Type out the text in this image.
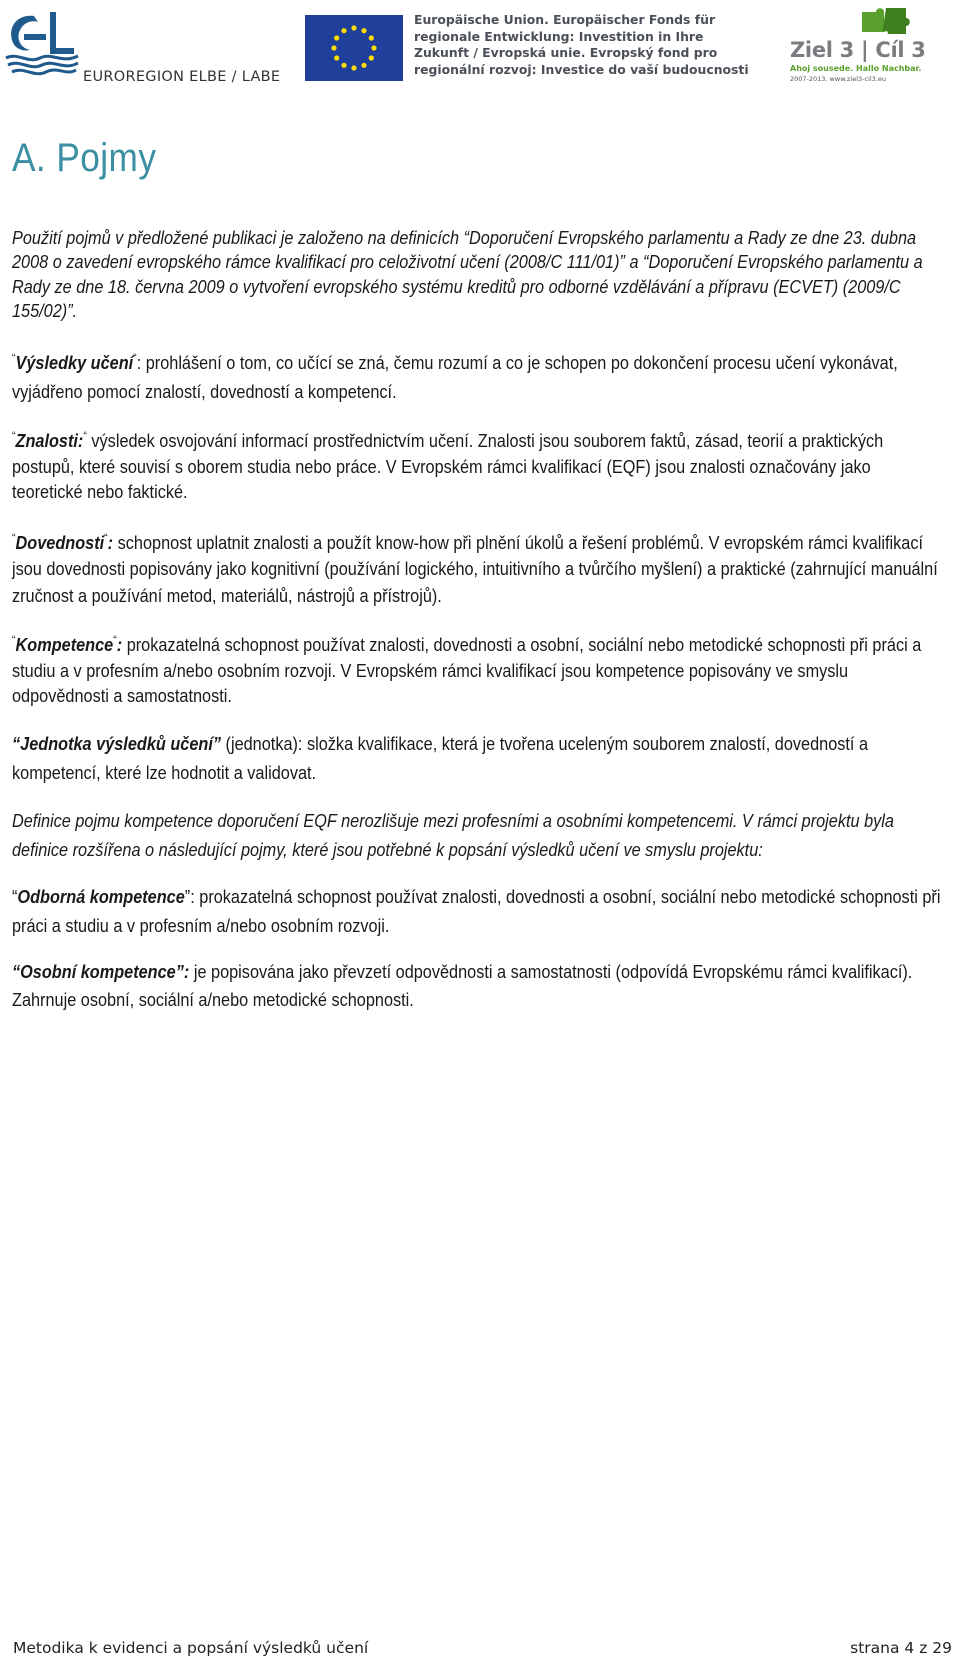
EUROREGION ELBE / LABE
Europäische Union. Europäischer Fonds für
regionale Entwicklung: Investition in Ihre
Zukunft / Evropská unie. Evropský fond pro
regionální rozvoj: Investice do vaší budoucnosti
Ziel 3 | Cíl 3
Ahoj sousede. Hallo Nachbar.
2007-2013. www.ziel3-cil3.eu
A. Pojmy

Použití pojmů v předložené publikaci je založeno na definicích “Doporučení Evropského parlamentu a Rady ze dne 23. dubna 2008 o zavedení evropského rámce kvalifikací pro celoživotní učení (2008/C 111/01)” a “Doporučení Evropského parlamentu a Rady ze dne 18. června 2009 o vytvoření evropského systému kreditů pro odborné vzdělávání a přípravu (ECVET) (2009/C 155/02)”.

“Výsledky učení“: prohlášení o tom, co učící se zná, čemu rozumí a co je schopen po dokončení procesu učení vykonávat, vyjádřeno pomocí znalostí, dovedností a kompetencí.

“Znalosti:“ výsledek osvojování informací prostřednictvím učení. Znalosti jsou souborem faktů, zásad, teorií a praktických postupů, které souvisí s oborem studia nebo práce. V Evropském rámci kvalifikací (EQF) jsou znalosti označovány jako teoretické nebo faktické.

“Dovednosti“: schopnost uplatnit znalosti a použít know-how při plnění úkolů a řešení problémů. V evropském rámci kvalifikací jsou dovednosti popisovány jako kognitivní (používání logického, intuitivního a tvůrčího myšlení) a praktické (zahrnující manuální zručnost a používání metod, materiálů, nástrojů a přístrojů).

“Kompetence“: prokazatelná schopnost používat znalosti, dovednosti a osobní, sociální nebo metodické schopnosti při práci a studiu a v profesním a/nebo osobním rozvoji. V Evropském rámci kvalifikací jsou kompetence popisovány ve smyslu odpovědnosti a samostatnosti.

“Jednotka výsledků učení” (jednotka): složka kvalifikace, která je tvořena uceleným souborem znalostí, dovedností a kompetencí, které lze hodnotit a validovat.

Definice pojmu kompetence doporučení EQF nerozlišuje mezi profesními a osobními kompetencemi. V rámci projektu byla definice rozšířena o následující pojmy, které jsou potřebné k popsání výsledků učení ve smyslu projektu:

“Odborná kompetence”: prokazatelná schopnost používat znalosti, dovednosti a osobní, sociální nebo metodické schopnosti při práci a studiu a v profesním a/nebo osobním rozvoji.

“Osobní kompetence”: je popisována jako převzetí odpovědnosti a samostatnosti (odpovídá Evropskému rámci kvalifikací). Zahrnuje osobní, sociální a/nebo metodické schopnosti.

Metodika k evidenci a popsání výsledků učení	strana 4 z 29
